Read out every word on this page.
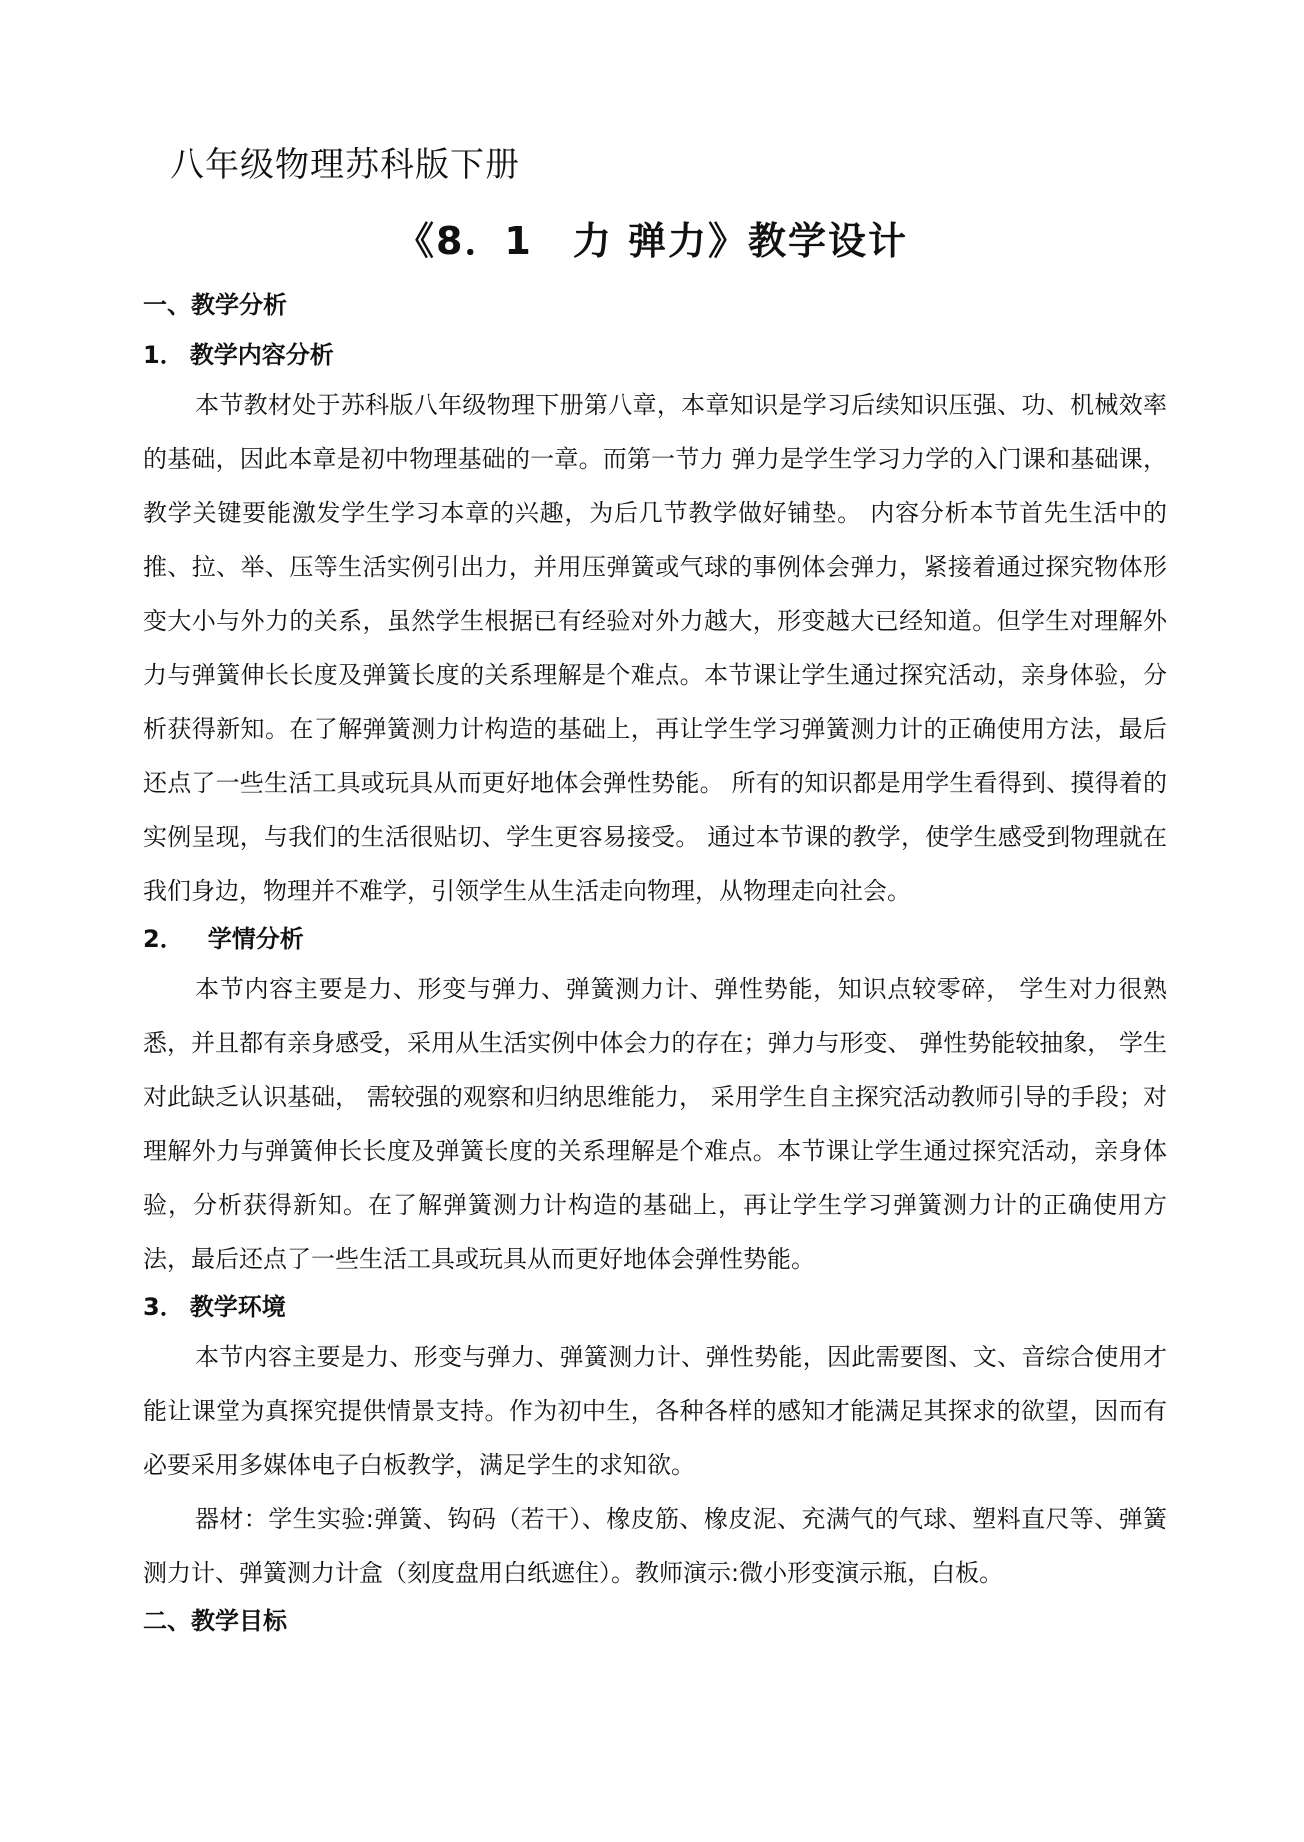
八年级物理苏科版下册
《8．1　力 弹力》教学设计
一、教学分析
1． 教学内容分析

本节教材处于苏科版八年级物理下册第八章，本章知识是学习后续知识压强、功、机械效率的基础，因此本章是初中物理基础的一章。而第一节力 弹力是学生学习力学的入门课和基础课，教学关键要能激发学生学习本章的兴趣，为后几节教学做好铺垫。 内容分析本节首先生活中的推、拉、举、压等生活实例引出力，并用压弹簧或气球的事例体会弹力，紧接着通过探究物体形变大小与外力的关系，虽然学生根据已有经验对外力越大，形变越大已经知道。但学生对理解外力与弹簧伸长长度及弹簧长度的关系理解是个难点。本节课让学生通过探究活动，亲身体验，分析获得新知。在了解弹簧测力计构造的基础上，再让学生学习弹簧测力计的正确使用方法，最后还点了一些生活工具或玩具从而更好地体会弹性势能。 所有的知识都是用学生看得到、摸得着的实例呈现，与我们的生活很贴切、学生更容易接受。 通过本节课的教学，使学生感受到物理就在我们身边，物理并不难学，引领学生从生活走向物理，从物理走向社会。

2． 学情分析

本节内容主要是力、形变与弹力、弹簧测力计、弹性势能，知识点较零碎， 学生对力很熟悉，并且都有亲身感受，采用从生活实例中体会力的存在；弹力与形变、 弹性势能较抽象， 学生对此缺乏认识基础， 需较强的观察和归纳思维能力， 采用学生自主探究活动教师引导的手段；对理解外力与弹簧伸长长度及弹簧长度的关系理解是个难点。本节课让学生通过探究活动，亲身体验，分析获得新知。在了解弹簧测力计构造的基础上，再让学生学习弹簧测力计的正确使用方法，最后还点了一些生活工具或玩具从而更好地体会弹性势能。

3． 教学环境

本节内容主要是力、形变与弹力、弹簧测力计、弹性势能，因此需要图、文、音综合使用才能让课堂为真探究提供情景支持。作为初中生，各种各样的感知才能满足其探求的欲望，因而有必要采用多媒体电子白板教学，满足学生的求知欲。

器材：学生实验:弹簧、钩码（若干）、橡皮筋、橡皮泥、充满气的气球、塑料直尺等、弹簧测力计、弹簧测力计盒（刻度盘用白纸遮住）。教师演示:微小形变演示瓶，白板。

二、教学目标
